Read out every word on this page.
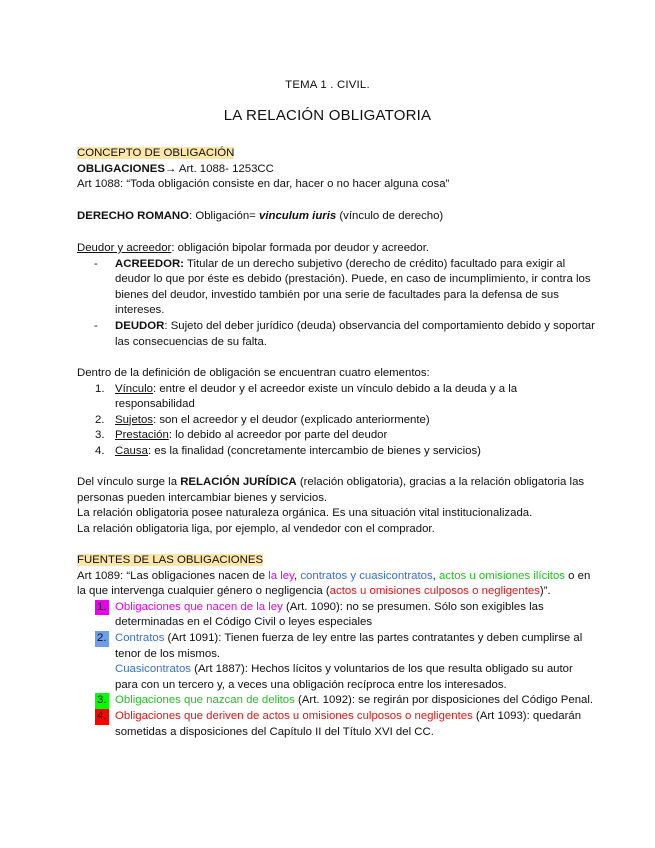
TEMA 1 . CIVIL.
LA RELACIÓN OBLIGATORIA
CONCEPTO DE OBLIGACIÓN
OBLIGACIONES→ Art. 1088- 1253CC
Art 1088: “Toda obligación consiste en dar, hacer o no hacer alguna cosa”
DERECHO ROMANO: Obligación= vinculum iuris (vínculo de derecho)
Deudor y acreedor: obligación bipolar formada por deudor y acreedor.
- ACREEDOR: Titular de un derecho subjetivo (derecho de crédito) facultado para exigir al deudor lo que por éste es debido (prestación). Puede, en caso de incumplimiento, ir contra los bienes del deudor, investido también por una serie de facultades para la defensa de sus intereses.
- DEUDOR: Sujeto del deber jurídico (deuda) observancia del comportamiento debido y soportar las consecuencias de su falta.
Dentro de la definición de obligación se encuentran cuatro elementos:
1. Vínculo: entre el deudor y el acreedor existe un vínculo debido a la deuda y a la responsabilidad
2. Sujetos: son el acreedor y el deudor (explicado anteriormente)
3. Prestación: lo debido al acreedor por parte del deudor
4. Causa: es la finalidad (concretamente intercambio de bienes y servicios)
Del vínculo surge la RELACIÓN JURÍDICA (relación obligatoria), gracias a la relación obligatoria las personas pueden intercambiar bienes y servicios.
La relación obligatoria posee naturaleza orgánica. Es una situación vital institucionalizada.
La relación obligatoria liga, por ejemplo, al vendedor con el comprador.
FUENTES DE LAS OBLIGACIONES
Art 1089: “Las obligaciones nacen de la ley, contratos y cuasicontratos, actos u omisiones ilícitos o en la que intervenga cualquier género o negligencia (actos u omisiones culposos o negligentes)”.
1. Obligaciones que nacen de la ley (Art. 1090): no se presumen. Sólo son exigibles las determinadas en el Código Civil o leyes especiales
2. Contratos (Art 1091): Tienen fuerza de ley entre las partes contratantes y deben cumplirse al tenor de los mismos.
Cuasicontratos (Art 1887): Hechos lícitos y voluntarios de los que resulta obligado su autor para con un tercero y, a veces una obligación recíproca entre los interesados.
3. Obligaciones que nazcan de delitos (Art. 1092): se regirán por disposiciones del Código Penal.
4. Obligaciones que deriven de actos u omisiones culposos o negligentes (Art 1093): quedarán sometidas a disposiciones del Capítulo II del Título XVI del CC.
